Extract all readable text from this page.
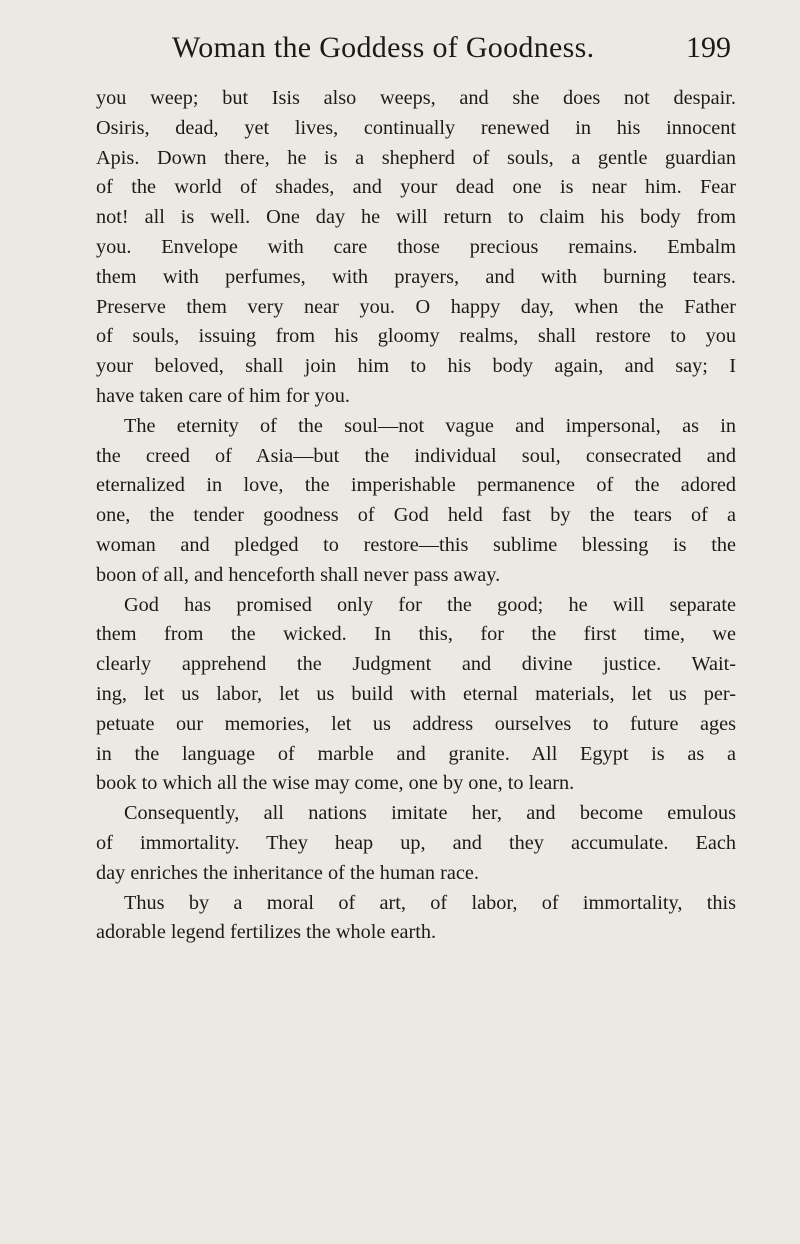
Woman the Goddess of Goodness.	199
you weep; but Isis also weeps, and she does not despair.
Osiris, dead, yet lives, continually renewed in his innocent
Apis. Down there, he is a shepherd of souls, a gentle guardian
of the world of shades, and your dead one is near him. Fear
not! all is well. One day he will return to claim his body from
you. Envelope with care those precious remains. Embalm
them with perfumes, with prayers, and with burning tears.
Preserve them very near you. O happy day, when the Father
of souls, issuing from his gloomy realms, shall restore to you
your beloved, shall join him to his body again, and say; I
have taken care of him for you.
The eternity of the soul—not vague and impersonal, as in
the creed of Asia—but the individual soul, consecrated and
eternalized in love, the imperishable permanence of the adored
one, the tender goodness of God held fast by the tears of a
woman and pledged to restore—this sublime blessing is the
boon of all, and henceforth shall never pass away.
God has promised only for the good; he will separate
them from the wicked. In this, for the first time, we
clearly apprehend the Judgment and divine justice. Wait-
ing, let us labor, let us build with eternal materials, let us per-
petuate our memories, let us address ourselves to future ages
in the language of marble and granite. All Egypt is as a
book to which all the wise may come, one by one, to learn.
Consequently, all nations imitate her, and become emulous
of immortality. They heap up, and they accumulate. Each
day enriches the inheritance of the human race.
Thus by a moral of art, of labor, of immortality, this
adorable legend fertilizes the whole earth.
